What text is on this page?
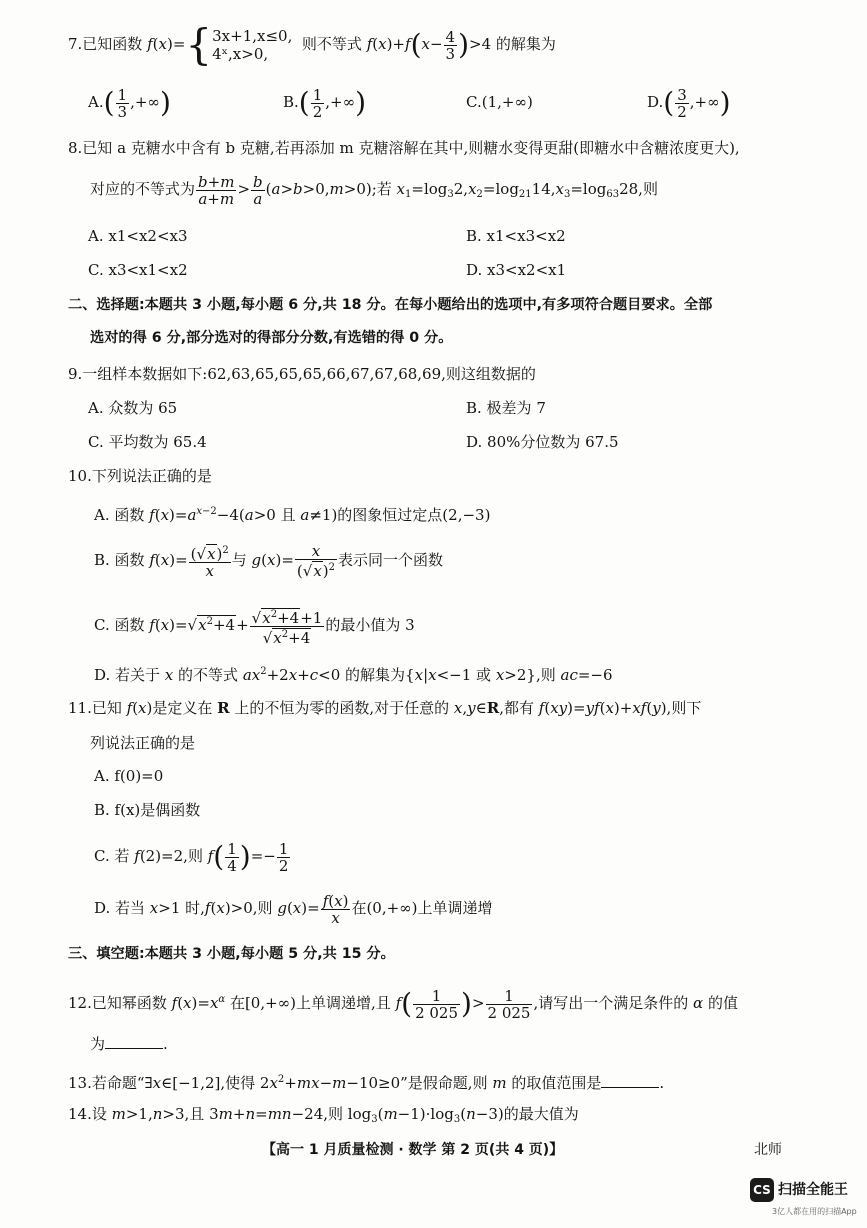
7.已知函数 f(x)={3x+1,x≤0,
4ˣ,x>0,  则不等式 $f(x)+f(x- \frac{4}{3} )>4$ 的解集为
$A.( \frac{1}{3}$ ,+∞)	$B.( \frac{1}{2}$ ,+∞)	C.(1,+∞)	$D.( \frac{3}{2}$ ,+∞)
8.已知 a 克糖水中含有 b 克糖,若再添加 m 克糖溶解在其中,则糖水变得更甜(即糖水中含糖浓度更大),
对应的不等式为 $\frac{b+m}{a+m} > \frac{b}{a} (a>b>0,m>0)$;若 $x_1=\log_32,x_2=\log_{21}14,x_3=\log_{63}28$,则
A. x1<x2<x3	B. x1<x3<x2
C. x3<x1<x2	D. x3<x2<x1
二、选择题:本题共 3 小题,每小题 6 分,共 18 分。在每小题给出的选项中,有多项符合题目要求。全部
选对的得 6 分,部分选对的得部分分数,有选错的得 0 分。
9.一组样本数据如下:62,63,65,65,65,66,67,67,68,69,则这组数据的
A. 众数为 65	B. 极差为 7
C. 平均数为 65.4	D. 80%分位数为 67.5
10.下列说法正确的是
A. 函数 $f(x)=a^{x-2}-4(a>0$ 且 a≠1)的图象恒过定点(2,−3)
B. 函数 $f(x)= \frac{(√x)^2}{x}$ 与 $g(x)= \frac{x}{(√x)^2}$ 表示同一个函数
C. 函数 $f(x)=√x^2+4+ \frac{√x^2+4+1}{√x^2+4}$ 的最小值为 3
D. 若关于 x 的不等式 $ax^2+2x+c<0$ 的解集为{x|x<−1 或 x>2},则 ac=−6
11.已知 f(x)是定义在 R 上的不恒为零的函数,对于任意的 x,y∈R,都有 f(xy)=yf(x)+xf(y),则下
列说法正确的是
A. f(0)=0
B. f(x)是偶函数
C. 若 f(2)=2,则 $f( \frac{1}{4}$ )=− $\frac{1}{2}$
D. 若当 x>1 时,f(x)>0,则 $g(x)= \frac{f(x)}{x}$ 在(0,+∞)上单调递增
三、填空题:本题共 3 小题,每小题 5 分,共 15 分。
12.已知幂函数 $f(x)=x^\alpha$ 在[0,+∞)上单调递增,且 $f( \frac{1}{2 025}$ )> $\frac{1}{2 025}$ ,请写出一个满足条件的 α 的值
为	.
13.若命题“∃x∈[−1,2],使得 $2x^2+mx-m-10\ge 0$”是假命题,则 m 的取值范围是	.
14.设 m>1,n>3,且 3m+n=mn−24,则 $\log_3(m-1)\cdot\log_3(n-3)$的最大值为
【高一 1 月质量检测 · 数学 第 2 页(共 4 页)】	北师
CS 扫描全能王
3亿人都在用的扫描App
